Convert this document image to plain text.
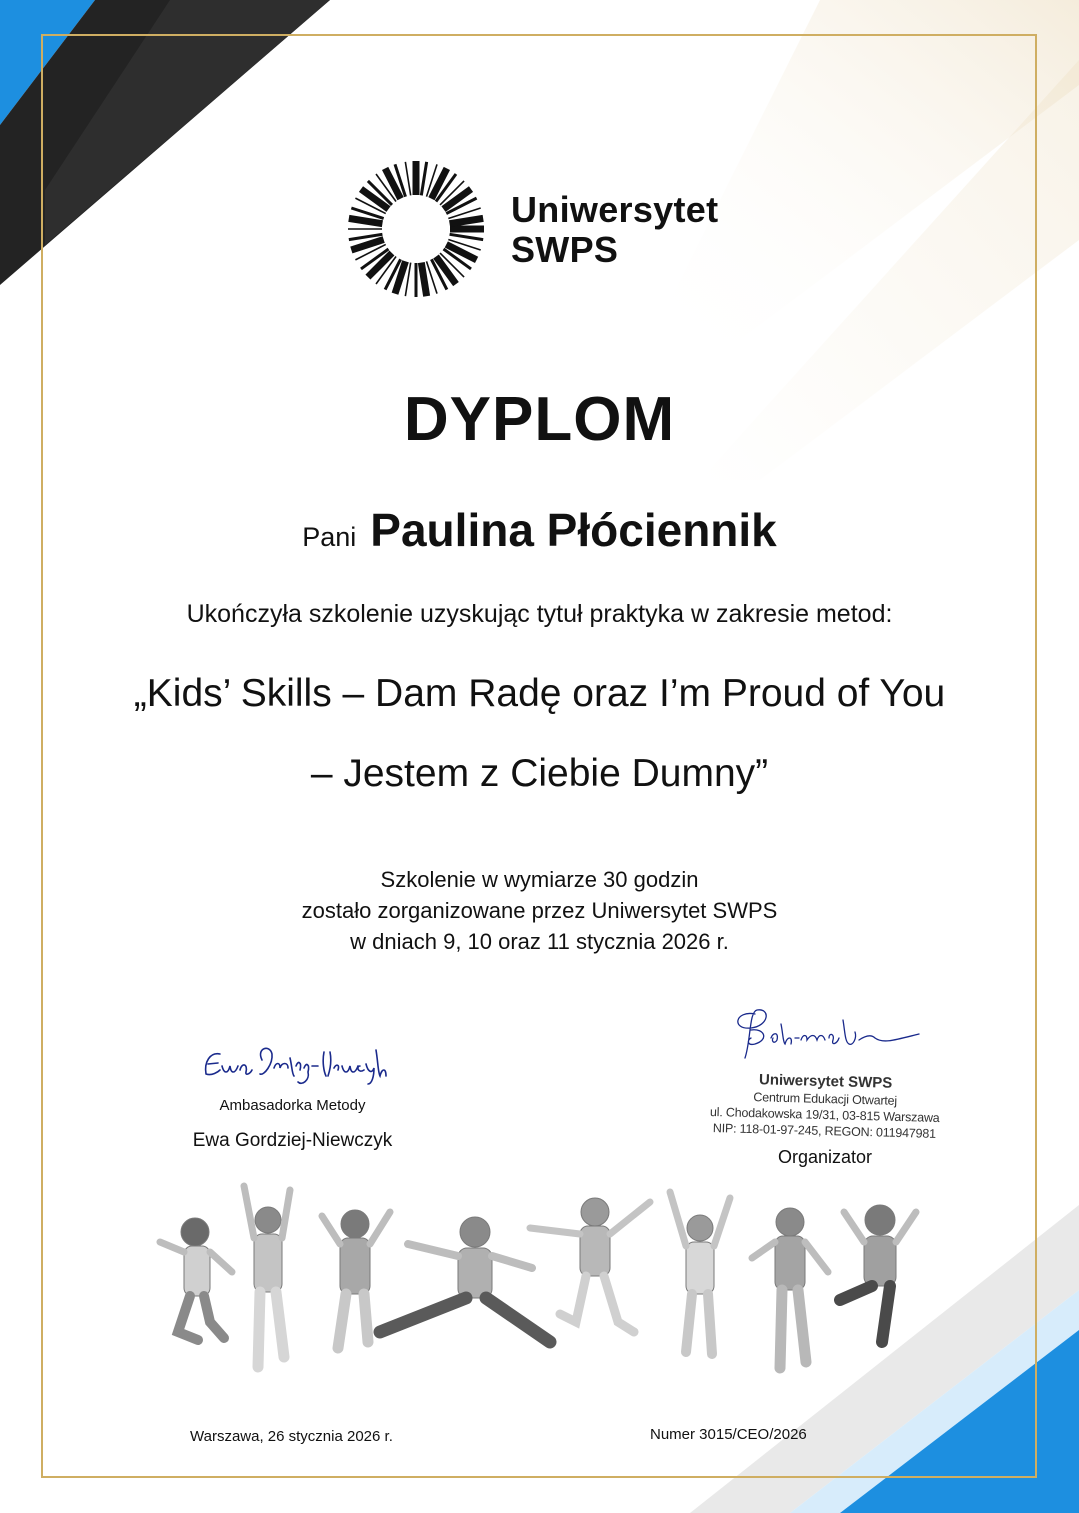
Uniwersytet
SWPS
DYPLOM
Pani Paulina Płóciennik
Ukończyła szkolenie uzyskując tytuł praktyka w zakresie metod:
„Kids’ Skills – Dam Radę oraz I’m Proud of You
– Jestem z Ciebie Dumny”
Szkolenie w wymiarze 30 godzin
zostało zorganizowane przez Uniwersytet SWPS
w dniach 9, 10 oraz 11 stycznia 2026 r.
Ambasadorka Metody
Ewa Gordziej-Niewczyk
Uniwersytet SWPS
Centrum Edukacji Otwartej
ul. Chodakowska 19/31, 03-815 Warszawa
NIP: 118-01-97-245, REGON: 011947981
Organizator
Warszawa, 26 stycznia 2026 r.	Numer 3015/CEO/2026
